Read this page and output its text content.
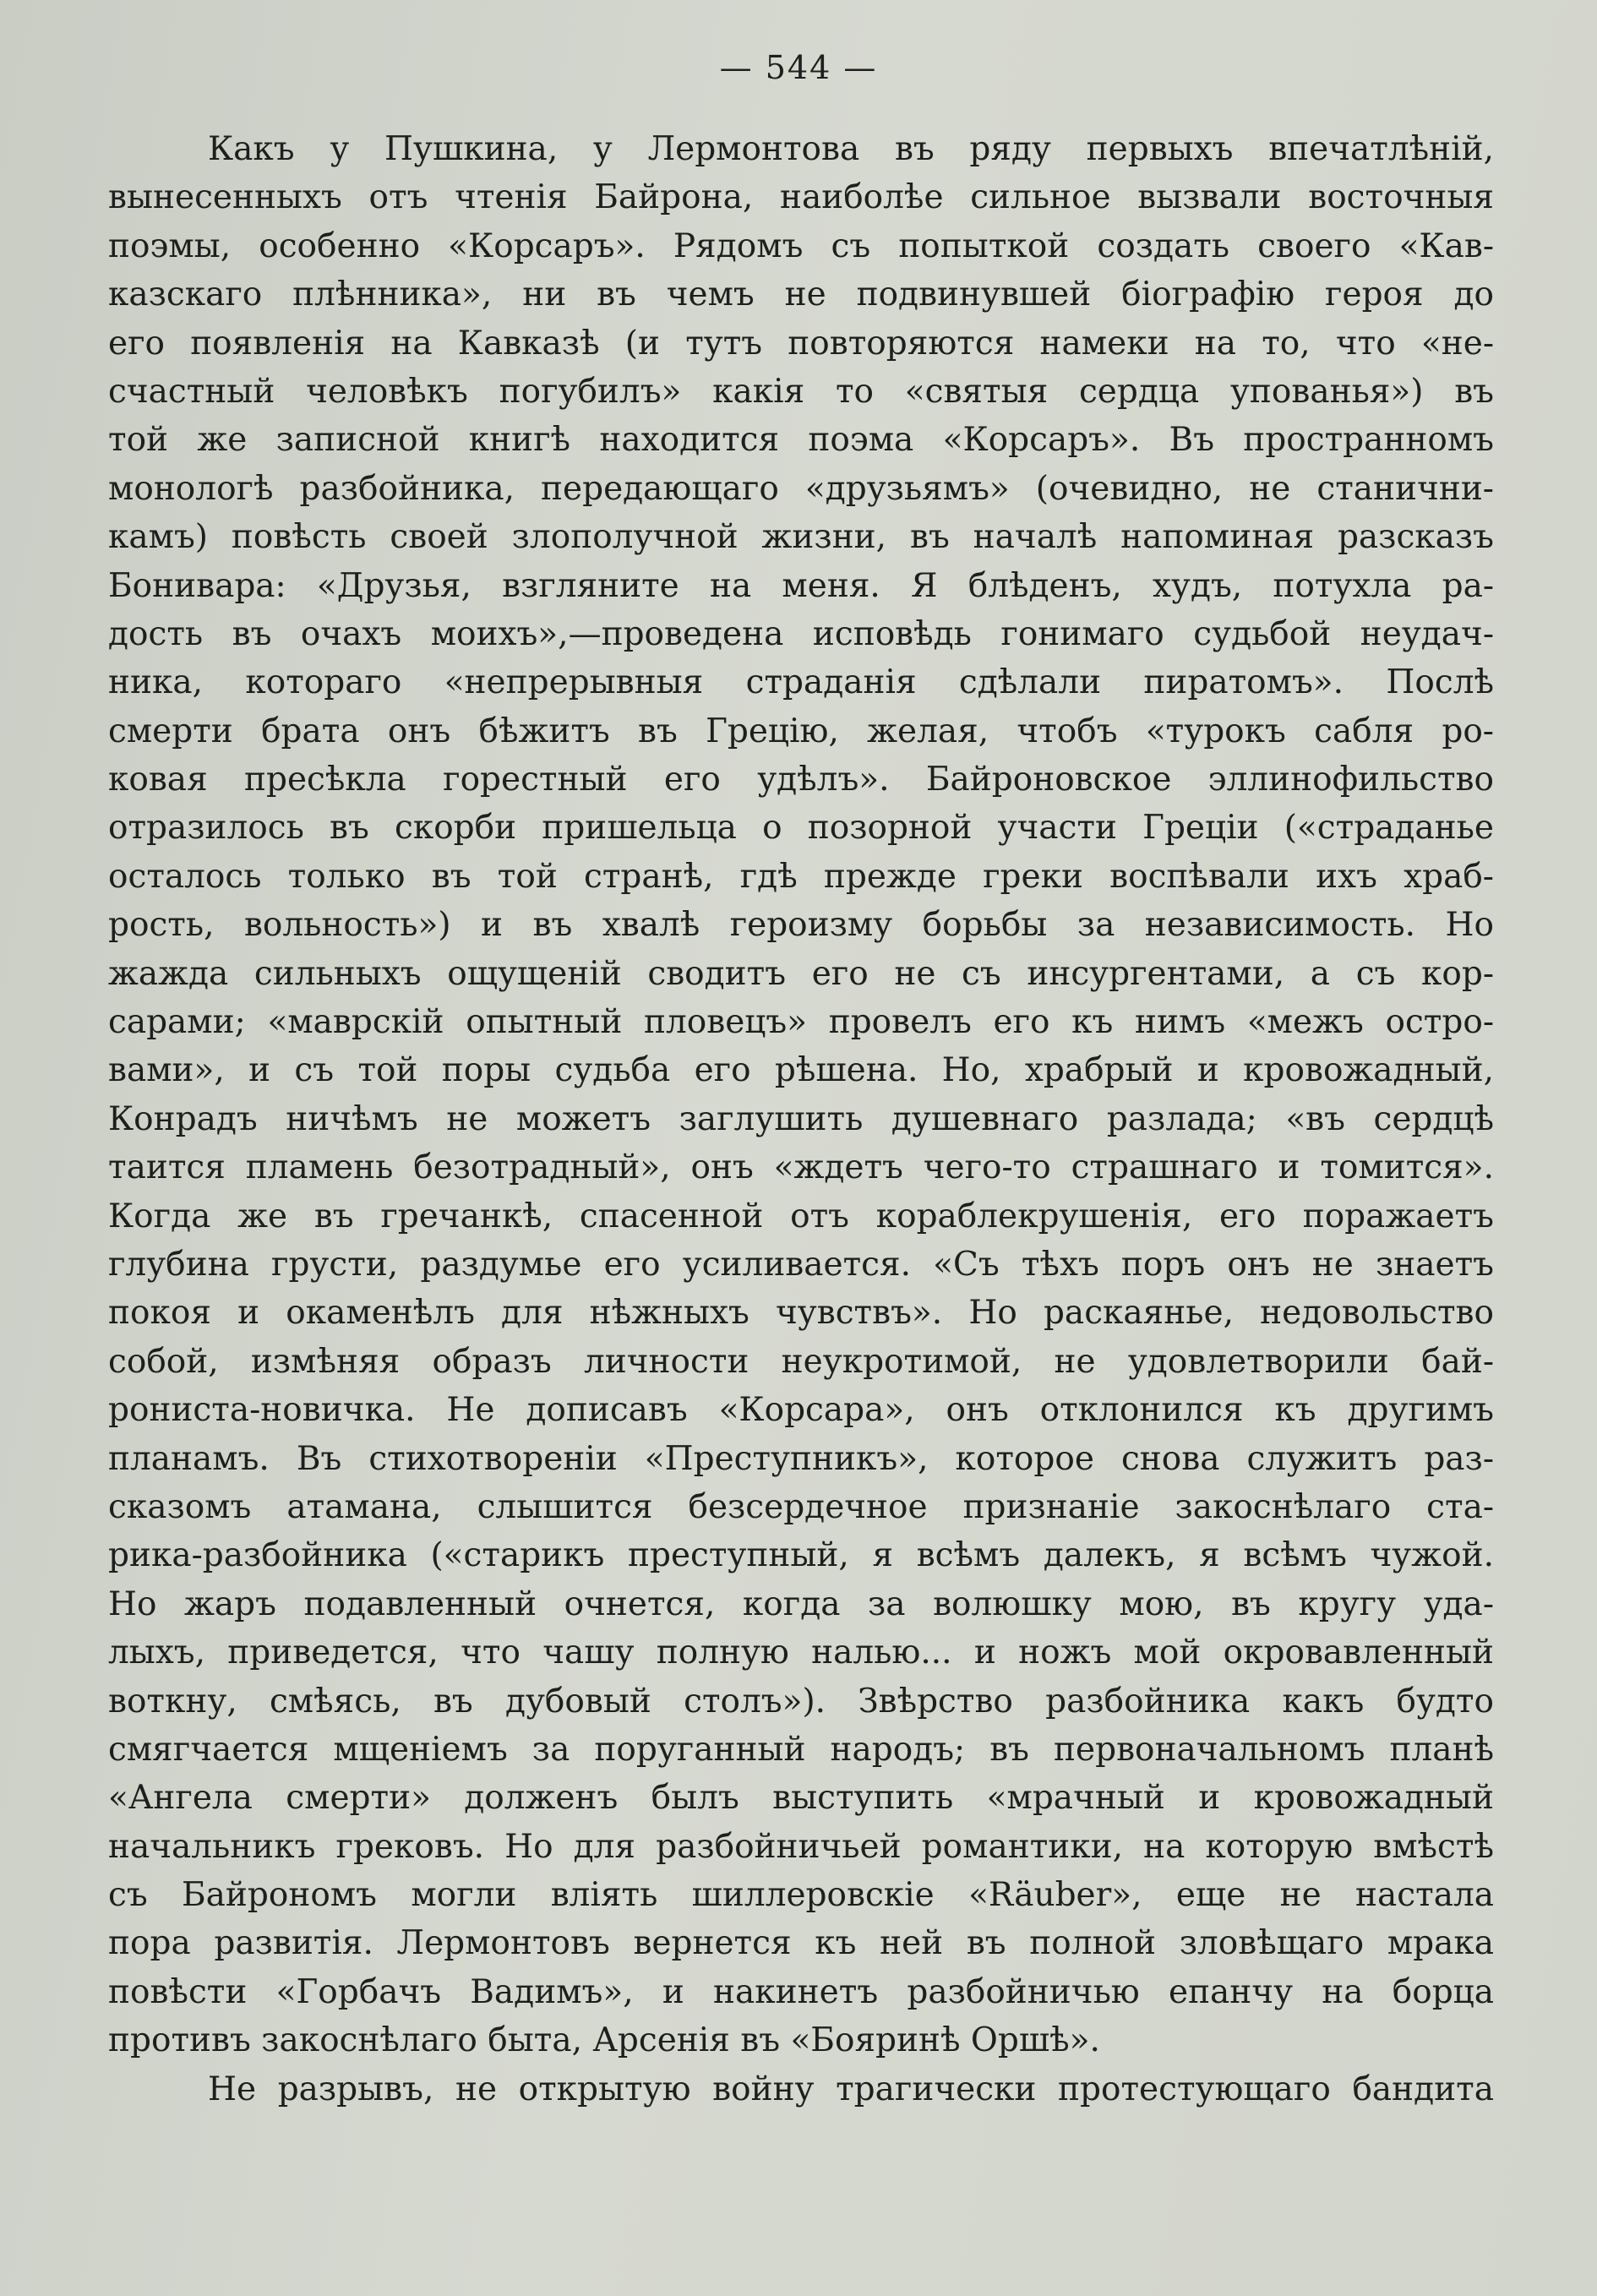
— 544 —
Какъ у Пушкина, у Лермонтова въ ряду первыхъ впечатлѣній,
вынесенныхъ отъ чтенія Байрона, наиболѣе сильное вызвали восточныя
поэмы, особенно «Корсаръ». Рядомъ съ попыткой создать своего «Кав-
казскаго плѣнника», ни въ чемъ не подвинувшей біографію героя до
его появленія на Кавказѣ (и тутъ повторяются намеки на то, что «не-
счастный человѣкъ погубилъ» какія то «святыя сердца упованья») въ
той же записной книгѣ находится поэма «Корсаръ». Въ пространномъ
монологѣ разбойника, передающаго «друзьямъ» (очевидно, не станични-
камъ) повѣсть своей злополучной жизни, въ началѣ напоминая разсказъ
Бонивара: «Друзья, взгляните на меня. Я блѣденъ, худъ, потухла ра-
дость въ очахъ моихъ»,—проведена исповѣдь гонимаго судьбой неудач-
ника, котораго «непрерывныя страданія сдѣлали пиратомъ». Послѣ
смерти брата онъ бѣжитъ въ Грецію, желая, чтобъ «турокъ сабля ро-
ковая пресѣкла горестный его удѣлъ». Байроновское эллинофильство
отразилось въ скорби пришельца о позорной участи Греціи («страданье
осталось только въ той странѣ, гдѣ прежде греки воспѣвали ихъ храб-
рость, вольность») и въ хвалѣ героизму борьбы за независимость. Но
жажда сильныхъ ощущеній сводитъ его не съ инсургентами, а съ кор-
сарами; «маврскій опытный пловецъ» провелъ его къ нимъ «межъ остро-
вами», и съ той поры судьба его рѣшена. Но, храбрый и кровожадный,
Конрадъ ничѣмъ не можетъ заглушить душевнаго разлада; «въ сердцѣ
таится пламень безотрадный», онъ «ждетъ чего-то страшнаго и томится».
Когда же въ гречанкѣ, спасенной отъ кораблекрушенія, его поражаетъ
глубина грусти, раздумье его усиливается. «Съ тѣхъ поръ онъ не знаетъ
покоя и окаменѣлъ для нѣжныхъ чувствъ». Но раскаянье, недовольство
собой, измѣняя образъ личности неукротимой, не удовлетворили бай-
рониста-новичка. Не дописавъ «Корсара», онъ отклонился къ другимъ
планамъ. Въ стихотвореніи «Преступникъ», которое снова служитъ раз-
сказомъ атамана, слышится безсердечное признаніе закоснѣлаго ста-
рика-разбойника («старикъ преступный, я всѣмъ далекъ, я всѣмъ чужой.
Но жаръ подавленный очнется, когда за волюшку мою, въ кругу уда-
лыхъ, приведется, что чашу полную налью... и ножъ мой окровавленный
воткну, смѣясь, въ дубовый столъ»). Звѣрство разбойника какъ будто
смягчается мщеніемъ за поруганный народъ; въ первоначальномъ планѣ
«Ангела смерти» долженъ былъ выступить «мрачный и кровожадный
начальникъ грековъ. Но для разбойничьей романтики, на которую вмѣстѣ
съ Байрономъ могли вліять шиллеровскіе «Räuber», еще не настала
пора развитія. Лермонтовъ вернется къ ней въ полной зловѣщаго мрака
повѣсти «Горбачъ Вадимъ», и накинетъ разбойничью епанчу на борца
противъ закоснѣлаго быта, Арсенія въ «Бояринѣ Оршѣ».
Не разрывъ, не открытую войну трагически протестующаго бандита
